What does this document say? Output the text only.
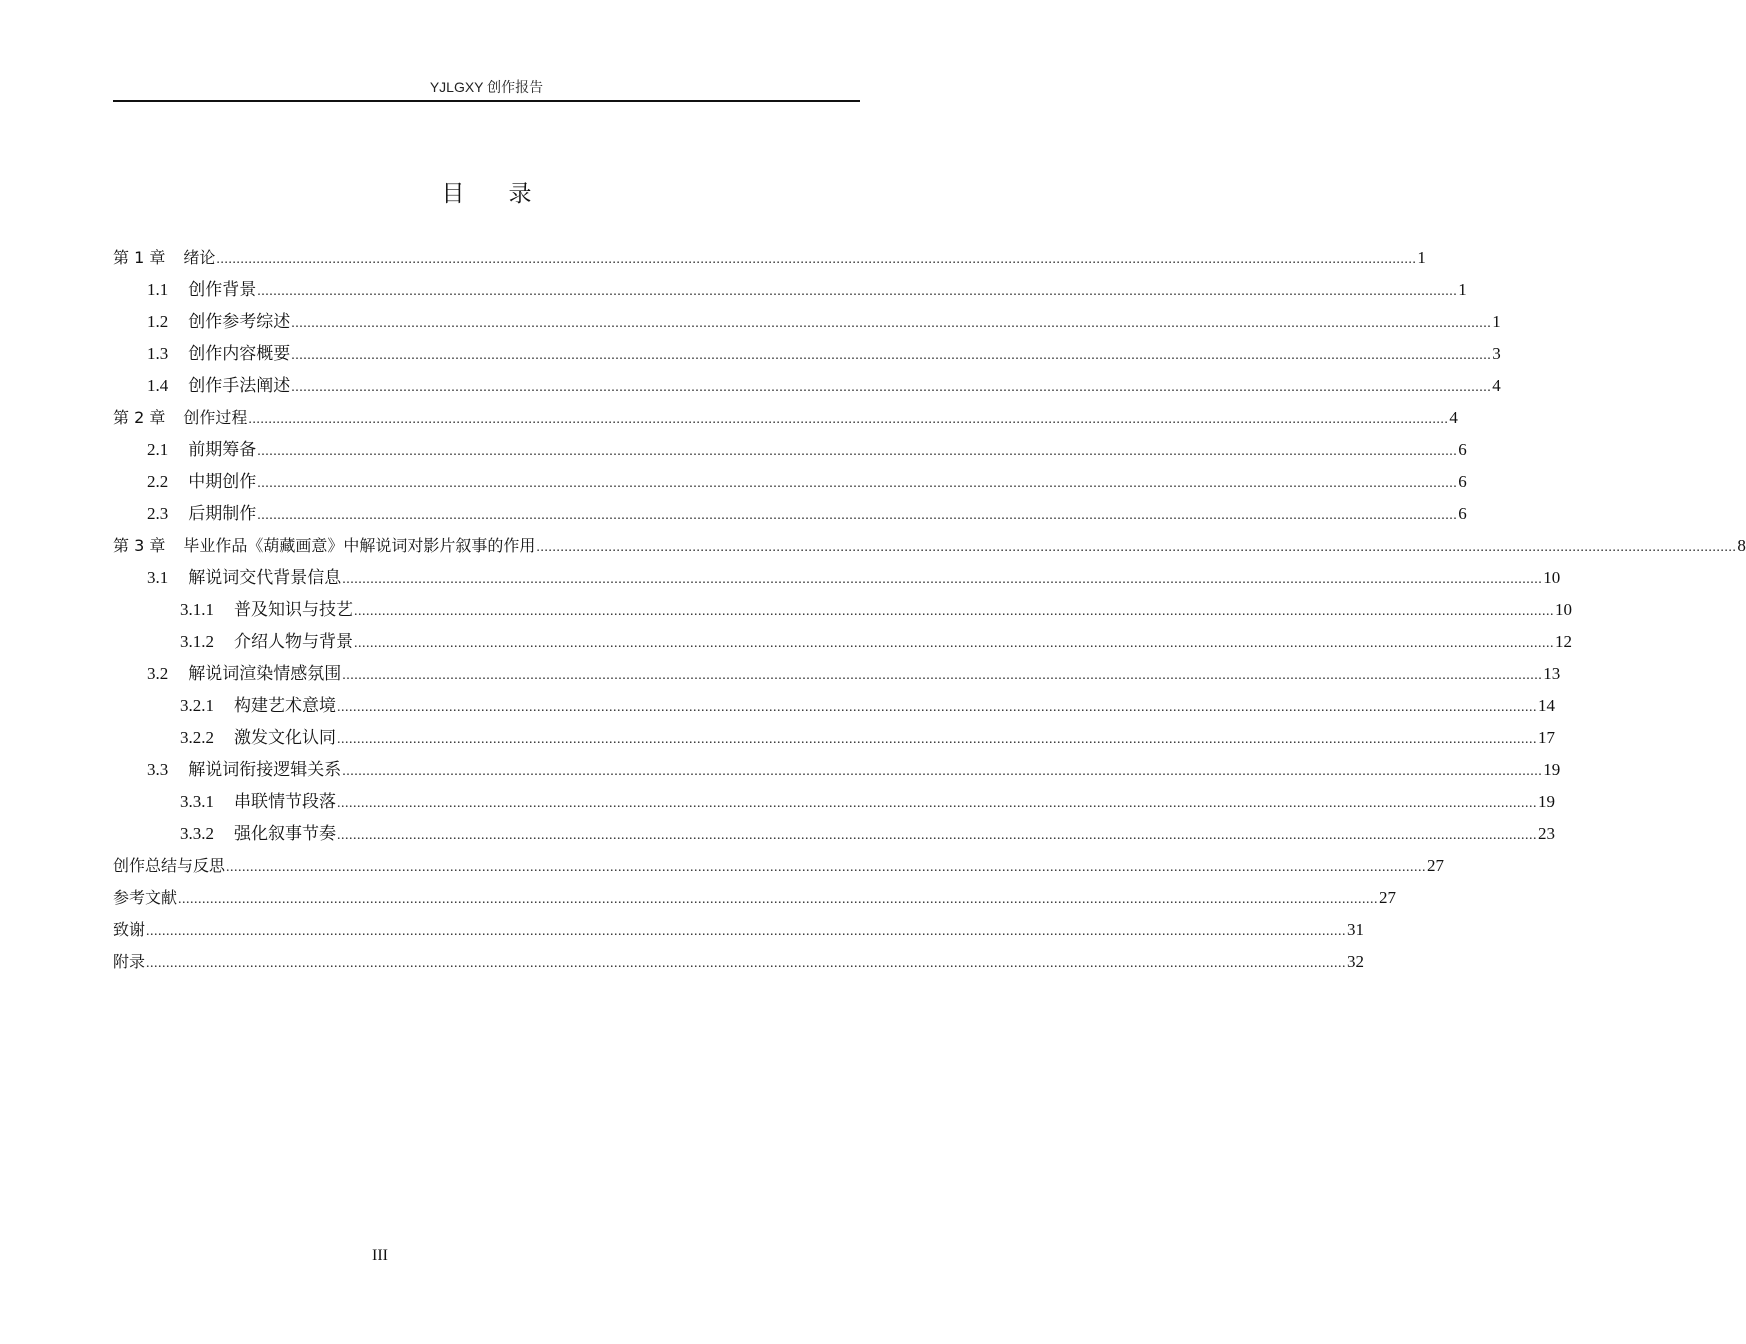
YJLGXY 创作报告
目录
第 1 章 绪论 ............................................................................................................................................................................................................................................................................................................ 1
1.1 创作背景 ............................................................................................................................................................................................................................................................................................................ 1
1.2 创作参考综述 ............................................................................................................................................................................................................................................................................................................ 1
1.3 创作内容概要 ............................................................................................................................................................................................................................................................................................................ 3
1.4 创作手法阐述 ............................................................................................................................................................................................................................................................................................................ 4
第 2 章 创作过程 ............................................................................................................................................................................................................................................................................................................ 4
2.1 前期筹备 ............................................................................................................................................................................................................................................................................................................ 6
2.2 中期创作 ............................................................................................................................................................................................................................................................................................................ 6
2.3 后期制作 ............................................................................................................................................................................................................................................................................................................ 6
第 3 章 毕业作品《葫藏画意》中解说词对影片叙事的作用 ............................................................................................................................................................................................................................................................................................................ 8
3.1 解说词交代背景信息 ............................................................................................................................................................................................................................................................................................................ 10
3.1.1 普及知识与技艺 ............................................................................................................................................................................................................................................................................................................ 10
3.1.2 介绍人物与背景 ............................................................................................................................................................................................................................................................................................................ 12
3.2 解说词渲染情感氛围 ............................................................................................................................................................................................................................................................................................................ 13
3.2.1 构建艺术意境 ............................................................................................................................................................................................................................................................................................................ 14
3.2.2 激发文化认同 ............................................................................................................................................................................................................................................................................................................ 17
3.3 解说词衔接逻辑关系 ............................................................................................................................................................................................................................................................................................................ 19
3.3.1 串联情节段落 ............................................................................................................................................................................................................................................................................................................ 19
3.3.2 强化叙事节奏 ............................................................................................................................................................................................................................................................................................................ 23
创作总结与反思 ............................................................................................................................................................................................................................................................................................................ 27
参考文献 ............................................................................................................................................................................................................................................................................................................ 27
致谢 ............................................................................................................................................................................................................................................................................................................ 31
附录 ............................................................................................................................................................................................................................................................................................................ 32
III
